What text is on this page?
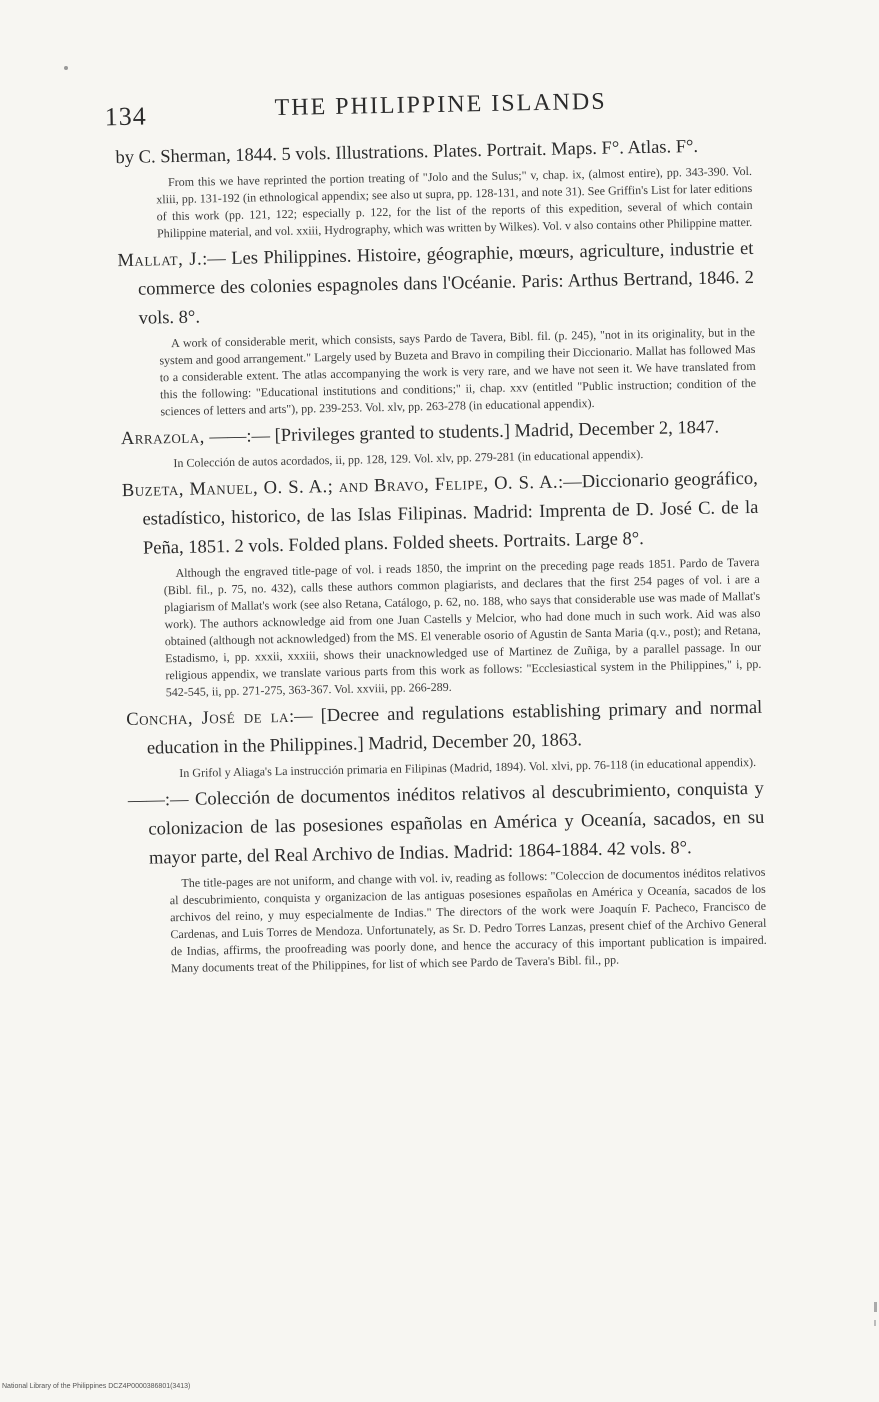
134	THE PHILIPPINE ISLANDS

by C. Sherman, 1844. 5 vols. Illustrations. Plates. Portrait. Maps. F°. Atlas. F°.

From this we have reprinted the portion treating of "Jolo and the Sulus;" v, chap. ix, (almost entire), pp. 343-390. Vol. xliii, pp. 131-192 (in ethnological appendix; see also ut supra, pp. 128-131, and note 31). See Griffin's List for later editions of this work (pp. 121, 122; especially p. 122, for the list of the reports of this expedition, several of which contain Philippine material, and vol. xxiii, Hydrography, which was written by Wilkes). Vol. v also contains other Philippine matter.

Mallat, J.:— Les Philippines. Histoire, géographie, mœurs, agriculture, industrie et commerce des colonies espagnoles dans l'Océanie. Paris: Arthus Bertrand, 1846. 2 vols. 8°.

A work of considerable merit, which consists, says Pardo de Tavera, Bibl. fil. (p. 245), "not in its originality, but in the system and good arrangement." Largely used by Buzeta and Bravo in compiling their Diccionario. Mallat has followed Mas to a considerable extent. The atlas accompanying the work is very rare, and we have not seen it. We have translated from this the following: "Educational institutions and conditions;" ii, chap. xxv (entitled "Public instruction; condition of the sciences of letters and arts"), pp. 239-253. Vol. xlv, pp. 263-278 (in educational appendix).

Arrazola, ——:— [Privileges granted to students.] Madrid, December 2, 1847.

In Colección de autos acordados, ii, pp. 128, 129. Vol. xlv, pp. 279-281 (in educational appendix).

Buzeta, Manuel, O. S. A.; and Bravo, Felipe, O. S. A.:—Diccionario geográfico, estadístico, historico, de las Islas Filipinas. Madrid: Imprenta de D. José C. de la Peña, 1851. 2 vols. Folded plans. Folded sheets. Portraits. Large 8°.

Although the engraved title-page of vol. i reads 1850, the imprint on the preceding page reads 1851. Pardo de Tavera (Bibl. fil., p. 75, no. 432), calls these authors common plagiarists, and declares that the first 254 pages of vol. i are a plagiarism of Mallat's work (see also Retana, Catálogo, p. 62, no. 188, who says that considerable use was made of Mallat's work). The authors acknowledge aid from one Juan Castells y Melcior, who had done much in such work. Aid was also obtained (although not acknowledged) from the MS. El venerable osorio of Agustin de Santa Maria (q.v., post); and Retana, Estadismo, i, pp. xxxii, xxxiii, shows their unacknowledged use of Martinez de Zuñiga, by a parallel passage. In our religious appendix, we translate various parts from this work as follows: "Ecclesiastical system in the Philippines," i, pp. 542-545, ii, pp. 271-275, 363-367. Vol. xxviii, pp. 266-289.

Concha, José de la:— [Decree and regulations establishing primary and normal education in the Philippines.] Madrid, December 20, 1863.

In Grifol y Aliaga's La instrucción primaria en Filipinas (Madrid, 1894). Vol. xlvi, pp. 76-118 (in educational appendix).

——:— Colección de documentos inéditos relativos al descubrimiento, conquista y colonizacion de las posesiones españolas en América y Oceanía, sacados, en su mayor parte, del Real Archivo de Indias. Madrid: 1864-1884. 42 vols. 8°.

The title-pages are not uniform, and change with vol. iv, reading as follows: "Coleccion de documentos inéditos relativos al descubrimiento, conquista y organizacion de las antiguas posesiones españolas en América y Oceanía, sacados de los archivos del reino, y muy especialmente de Indias." The directors of the work were Joaquín F. Pacheco, Francisco de Cardenas, and Luis Torres de Mendoza. Unfortunately, as Sr. D. Pedro Torres Lanzas, present chief of the Archivo General de Indias, affirms, the proofreading was poorly done, and hence the accuracy of this important publication is impaired. Many documents treat of the Philippines, for list of which see Pardo de Tavera's Bibl. fil., pp.

National Library of the Philippines DCZ4P0000386801(3413)
